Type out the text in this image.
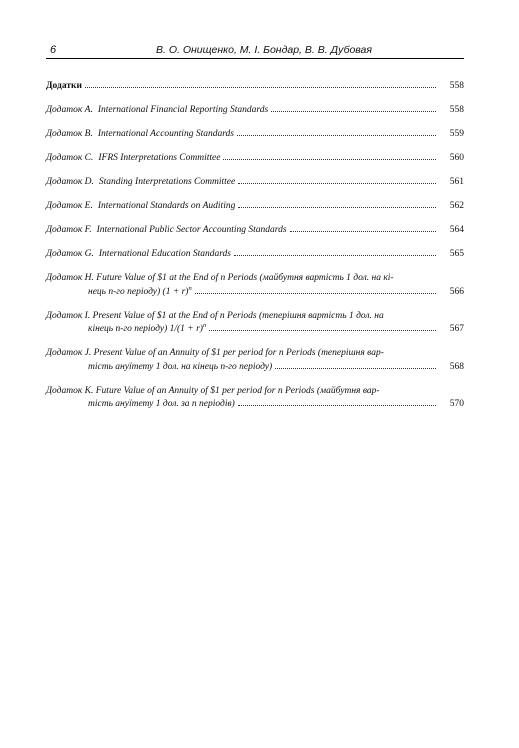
6	В. О. Онищенко, М. І. Бондар, В. В. Дубовая
Додатки	558
Додаток А. International Financial Reporting Standards	558
Додаток В. International Accounting Standards	559
Додаток С. IFRS Interpretations Committee	560
Додаток D. Standing Interpretations Committee	561
Додаток Е. International Standards on Auditing	562
Додаток F. International Public Sector Accounting Standards	564
Додаток G. International Education Standards	565
Додаток H. Future Value of $1 at the End of n Periods (майбутня вартість 1 дол. на кі-
нець n-го періоду) $(1 + r)^n$	566
Додаток I. Present Value of $1 at the End of n Periods (теперішня вартість 1 дол. на
кінець n-го періоду) $1/(1 + r)^n$	567
Додаток J. Present Value of an Annuity of $1 per period for n Periods (теперішня вар-
тість ануїтету 1 дол. на кінець n-го періоду)	568
Додаток K. Future Value of an Annuity of $1 per period for n Periods (майбутня вар-
тість ануїтету 1 дол. за n періодів)	570
